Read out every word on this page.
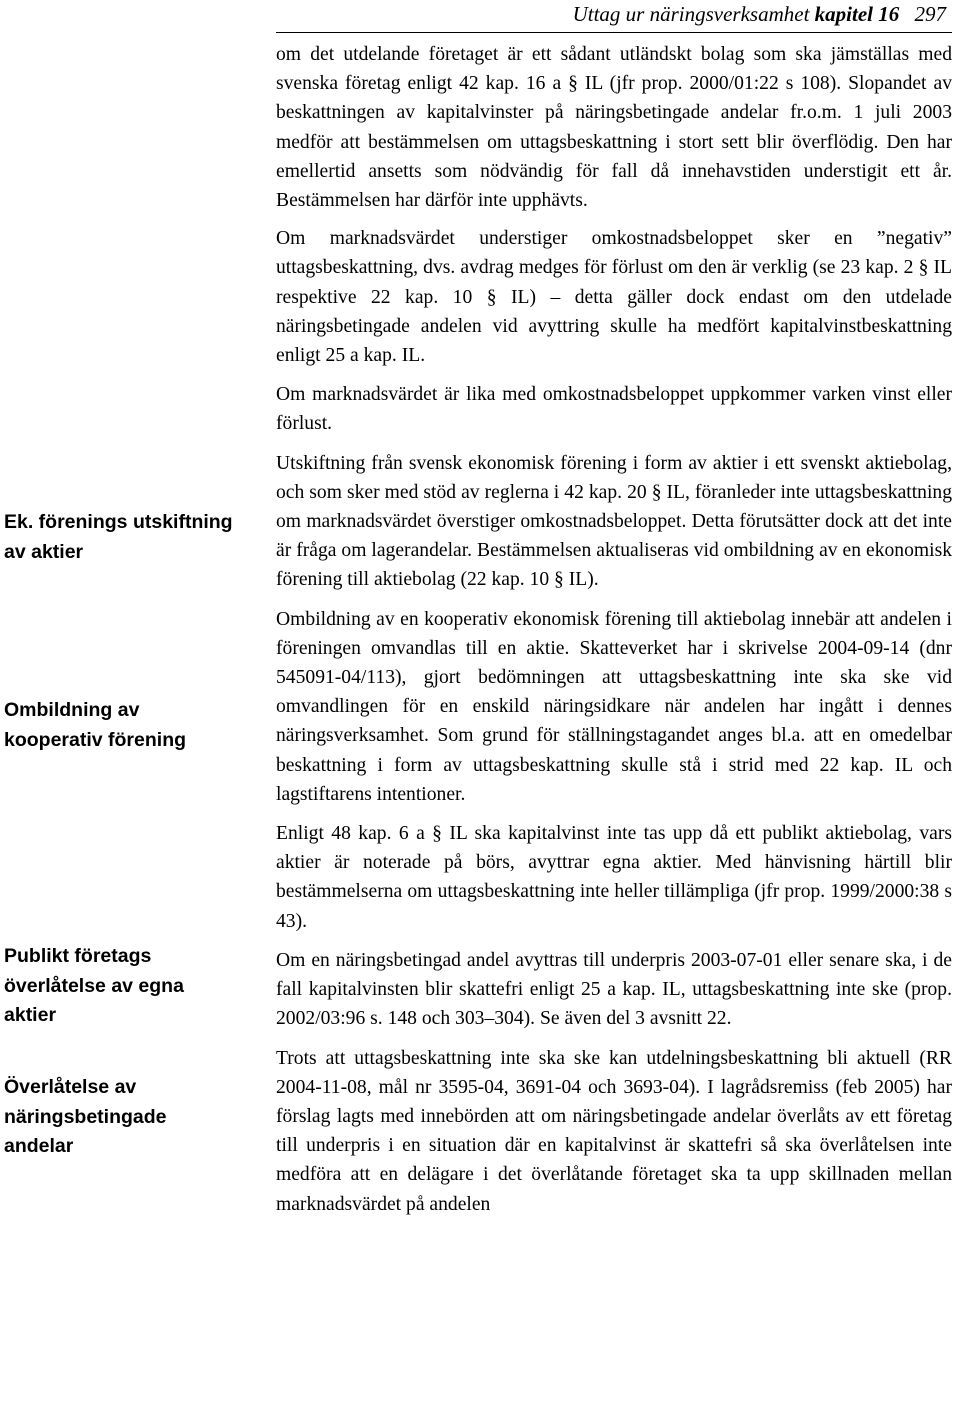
Uttag ur näringsverksamhet kapitel 16 297
Ek. förenings utskiftning av aktier
Ombildning av kooperativ förening
Publikt företags överlåtelse av egna aktier
Överlåtelse av näringsbetingade andelar

om det utdelande företaget är ett sådant utländskt bolag som ska jämställas med svenska företag enligt 42 kap. 16 a § IL (jfr prop. 2000/01:22 s 108). Slopandet av beskattningen av kapitalvinster på näringsbetingade andelar fr.o.m. 1 juli 2003 medför att bestämmelsen om uttagsbeskattning i stort sett blir överflödig. Den har emellertid ansetts som nödvändig för fall då innehavstiden understigit ett år. Bestämmelsen har därför inte upphävts.

Om marknadsvärdet understiger omkostnadsbeloppet sker en ”negativ” uttagsbeskattning, dvs. avdrag medges för förlust om den är verklig (se 23 kap. 2 § IL respektive 22 kap. 10 § IL) – detta gäller dock endast om den utdelade näringsbetingade andelen vid avyttring skulle ha medfört kapitalvinstbeskattning enligt 25 a kap. IL.

Om marknadsvärdet är lika med omkostnadsbeloppet uppkommer varken vinst eller förlust.

Utskiftning från svensk ekonomisk förening i form av aktier i ett svenskt aktiebolag, och som sker med stöd av reglerna i 42 kap. 20 § IL, föranleder inte uttagsbeskattning om marknadsvärdet överstiger omkostnadsbeloppet. Detta förutsätter dock att det inte är fråga om lagerandelar. Bestämmelsen aktualiseras vid ombildning av en ekonomisk förening till aktiebolag (22 kap. 10 § IL).

Ombildning av en kooperativ ekonomisk förening till aktiebolag innebär att andelen i föreningen omvandlas till en aktie. Skatteverket har i skrivelse 2004-09-14 (dnr 545091-04/113), gjort bedömningen att uttagsbeskattning inte ska ske vid omvandlingen för en enskild näringsidkare när andelen har ingått i dennes näringsverksamhet. Som grund för ställningstagandet anges bl.a. att en omedelbar beskattning i form av uttagsbeskattning skulle stå i strid med 22 kap. IL och lagstiftarens intentioner.

Enligt 48 kap. 6 a § IL ska kapitalvinst inte tas upp då ett publikt aktiebolag, vars aktier är noterade på börs, avyttrar egna aktier. Med hänvisning härtill blir bestämmelserna om uttagsbeskattning inte heller tillämpliga (jfr prop. 1999/2000:38 s 43).

Om en näringsbetingad andel avyttras till underpris 2003-07-01 eller senare ska, i de fall kapitalvinsten blir skattefri enligt 25 a kap. IL, uttagsbeskattning inte ske (prop. 2002/03:96 s. 148 och 303–304). Se även del 3 avsnitt 22.

Trots att uttagsbeskattning inte ska ske kan utdelningsbeskattning bli aktuell (RR 2004-11-08, mål nr 3595-04, 3691-04 och 3693-04). I lagrådsremiss (feb 2005) har förslag lagts med innebörden att om näringsbetingade andelar överlåts av ett företag till underpris i en situation där en kapitalvinst är skattefri så ska överlåtelsen inte medföra att en delägare i det överlåtande företaget ska ta upp skillnaden mellan marknadsvärdet på andelen
